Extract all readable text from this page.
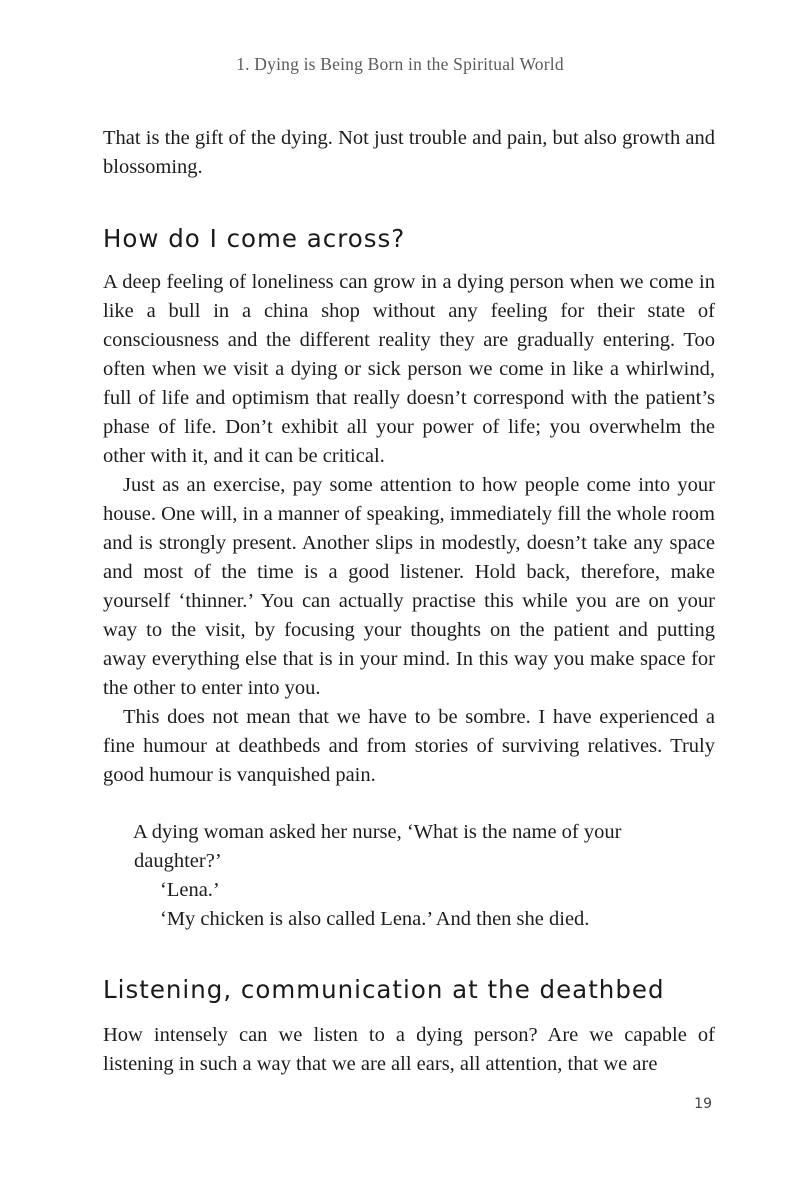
1. Dying is Being Born in the Spiritual World

That is the gift of the dying. Not just trouble and pain, but also growth and blossoming.

How do I come across?

A deep feeling of loneliness can grow in a dying person when we come in like a bull in a china shop without any feeling for their state of consciousness and the different reality they are gradually entering. Too often when we visit a dying or sick person we come in like a whirlwind, full of life and optimism that really doesn’t correspond with the patient’s phase of life. Don’t exhibit all your power of life; you overwhelm the other with it, and it can be critical.

Just as an exercise, pay some attention to how people come into your house. One will, in a manner of speaking, immediately fill the whole room and is strongly present. Another slips in modestly, doesn’t take any space and most of the time is a good listener. Hold back, therefore, make yourself ‘thinner.’ You can actually practise this while you are on your way to the visit, by focusing your thoughts on the patient and putting away everything else that is in your mind. In this way you make space for the other to enter into you.

This does not mean that we have to be sombre. I have experienced a fine humour at deathbeds and from stories of surviving relatives. Truly good humour is vanquished pain.

A dying woman asked her nurse, ‘What is the name of your

daughter?’

‘Lena.’

‘My chicken is also called Lena.’ And then she died.

Listening, communication at the deathbed

How intensely can we listen to a dying person? Are we capable of listening in such a way that we are all ears, all attention, that we are

19
